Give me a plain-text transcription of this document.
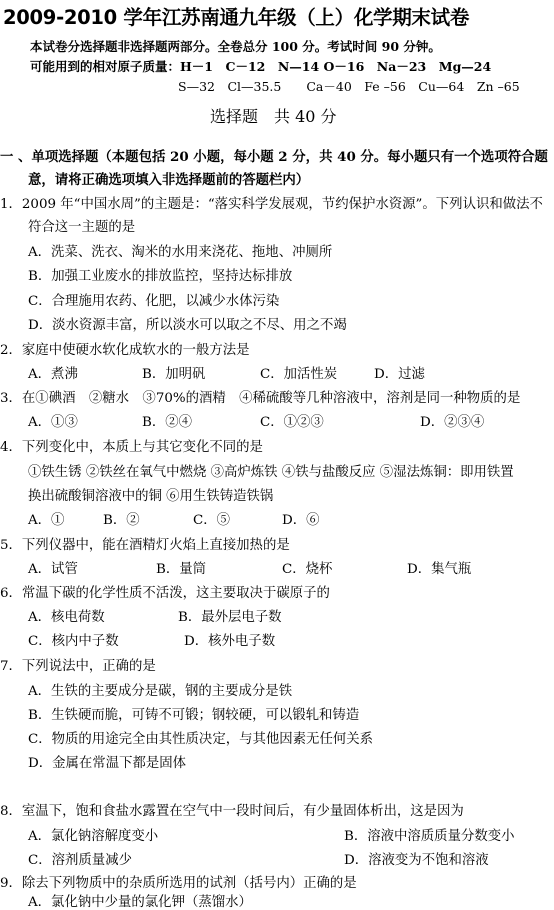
2009-2010 学年江苏南通九年级（上）化学期末试卷
本试卷分选择题非选择题两部分。全卷总分 100 分。考试时间 90 分钟。
可能用到的相对原子质量：H－1　C－12　N—14 O－16　Na－23　Mg—24
S—32　Cl—35.5　　Ca－40　Fe –56　Cu—64　Zn –65
选择题　共 40 分
一 、单项选择题（本题包括 20 小题，每小题 2 分，共 40 分。每小题只有一个选项符合题
意，请将正确选项填入非选择题前的答题栏内）
1．2009 年“中国水周”的主题是：“落实科学发展观，节约保护水资源”。下列认识和做法不
符合这一主题的是
A．洗菜、洗衣、淘米的水用来浇花、拖地、冲厕所
B．加强工业废水的排放监控，坚持达标排放
C．合理施用农药、化肥，以减少水体污染
D．淡水资源丰富，所以淡水可以取之不尽、用之不竭
2．家庭中使硬水软化成软水的一般方法是
A．煮沸	B．加明矾	C．加活性炭	D．过滤
3．在①碘酒　②糖水　③70%的酒精　④稀硫酸等几种溶液中，溶剂是同一种物质的是
A．①③	B．②④	C．①②③	D．②③④
4．下列变化中，本质上与其它变化不同的是
①铁生锈 ②铁丝在氧气中燃烧 ③高炉炼铁 ④铁与盐酸反应 ⑤湿法炼铜：即用铁置
换出硫酸铜溶液中的铜 ⑥用生铁铸造铁锅
A．①	B．②	C．⑤	D．⑥
5．下列仪器中，能在酒精灯火焰上直接加热的是
A．试管	B．量筒	C．烧杯	D．集气瓶
6．常温下碳的化学性质不活泼，这主要取决于碳原子的
A．核电荷数	B．最外层电子数
C．核内中子数	D．核外电子数
7．下列说法中，正确的是
A．生铁的主要成分是碳，钢的主要成分是铁
B．生铁硬而脆，可铸不可锻；钢较硬，可以锻轧和铸造
C．物质的用途完全由其性质决定，与其他因素无任何关系
D．金属在常温下都是固体
8．室温下，饱和食盐水露置在空气中一段时间后，有少量固体析出，这是因为
A．氯化钠溶解度变小	B．溶液中溶质质量分数变小
C．溶剂质量减少	D．溶液变为不饱和溶液
9．除去下列物质中的杂质所选用的试剂（括号内）正确的是
A．氯化钠中少量的氯化钾（蒸馏水）
